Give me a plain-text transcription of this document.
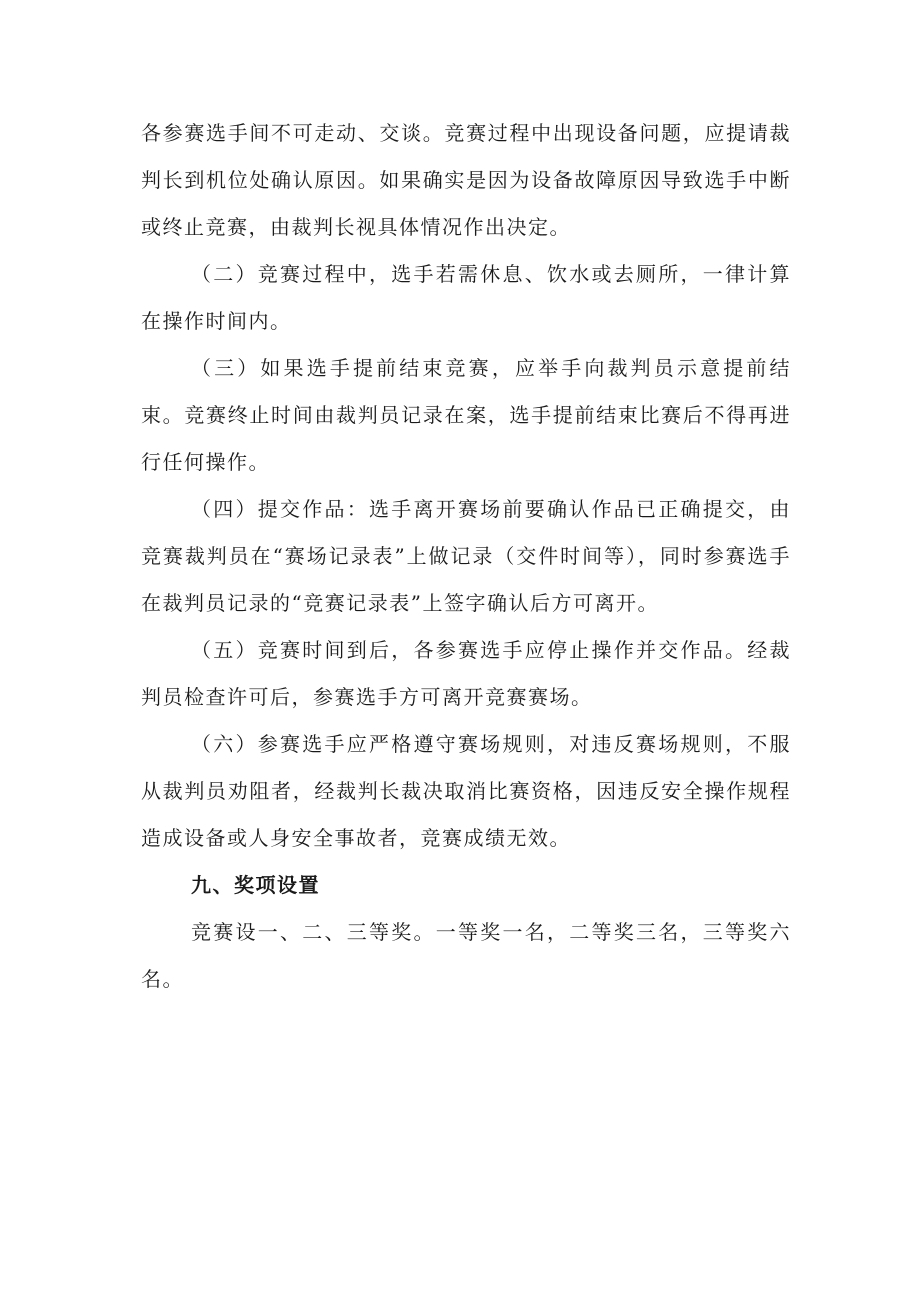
各参赛选手间不可走动、交谈。竞赛过程中出现设备问题，应提请裁判长到机位处确认原因。如果确实是因为设备故障原因导致选手中断或终止竞赛，由裁判长视具体情况作出决定。

（二）竞赛过程中，选手若需休息、饮水或去厕所，一律计算在操作时间内。

（三）如果选手提前结束竞赛，应举手向裁判员示意提前结束。竞赛终止时间由裁判员记录在案，选手提前结束比赛后不得再进行任何操作。

（四）提交作品：选手离开赛场前要确认作品已正确提交，由竞赛裁判员在“赛场记录表”上做记录（交件时间等），同时参赛选手在裁判员记录的“竞赛记录表”上签字确认后方可离开。

（五）竞赛时间到后，各参赛选手应停止操作并交作品。经裁判员检查许可后，参赛选手方可离开竞赛赛场。

（六）参赛选手应严格遵守赛场规则，对违反赛场规则，不服从裁判员劝阻者，经裁判长裁决取消比赛资格，因违反安全操作规程造成设备或人身安全事故者，竞赛成绩无效。

九、奖项设置

竞赛设一、二、三等奖。一等奖一名，二等奖三名，三等奖六名。
